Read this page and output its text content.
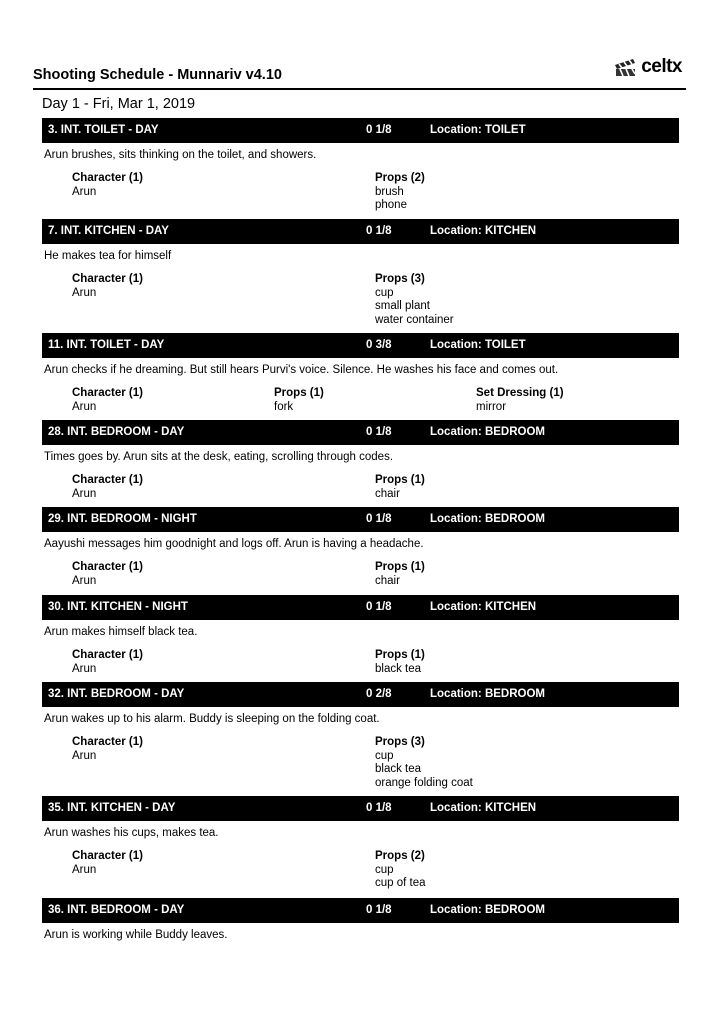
Shooting Schedule - Munnariv v4.10	celtx
Day 1 - Fri, Mar 1, 2019
3. INT. TOILET - DAY	0 1/8	Location: TOILET
Arun brushes, sits thinking on the toilet, and showers.
Character (1)
Arun
Props (2)
brush
phone
7. INT. KITCHEN - DAY	0 1/8	Location: KITCHEN
He makes tea for himself
Character (1)
Arun
Props (3)
cup
small plant
water container
11. INT. TOILET - DAY	0 3/8	Location: TOILET
Arun checks if he dreaming. But still hears Purvi's voice. Silence. He washes his face and comes out.
Character (1)
Arun
Props (1)
fork
Set Dressing (1)
mirror
28. INT. BEDROOM - DAY	0 1/8	Location: BEDROOM
Times goes by. Arun sits at the desk, eating, scrolling through codes.
Character (1)
Arun
Props (1)
chair
29. INT. BEDROOM - NIGHT	0 1/8	Location: BEDROOM
Aayushi messages him goodnight and logs off. Arun is having a headache.
Character (1)
Arun
Props (1)
chair
30. INT. KITCHEN - NIGHT	0 1/8	Location: KITCHEN
Arun makes himself black tea.
Character (1)
Arun
Props (1)
black tea
32. INT. BEDROOM - DAY	0 2/8	Location: BEDROOM
Arun wakes up to his alarm. Buddy is sleeping on the folding coat.
Character (1)
Arun
Props (3)
cup
black tea
orange folding coat
35. INT. KITCHEN - DAY	0 1/8	Location: KITCHEN
Arun washes his cups, makes tea.
Character (1)
Arun
Props (2)
cup
cup of tea
36. INT. BEDROOM - DAY	0 1/8	Location: BEDROOM
Arun is working while Buddy leaves.
